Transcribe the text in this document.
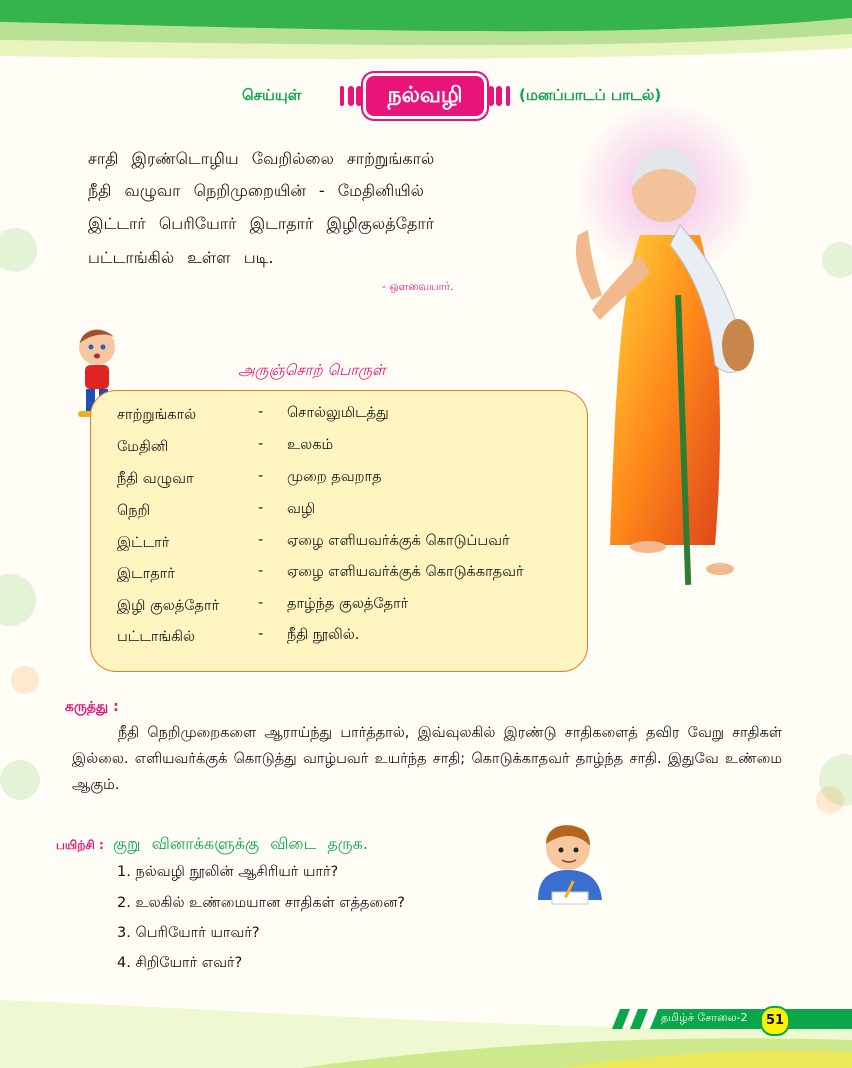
செய்யுள்	நல்வழி	(மனப்பாடப் பாடல்)
சாதி இரண்டொழிய வேறில்லை சாற்றுங்கால்
நீதி வழுவா நெறிமுறையின் - மேதினியில்
இட்டார் பெரியோர் இடாதார் இழிகுலத்தோர்
பட்டாங்கில் உள்ள படி.
- ஔவையார்.
அருஞ்சொற் பொருள்
சாற்றுங்கால்	- சொல்லுமிடத்து
மேதினி	- உலகம்
நீதி வழுவா	- முறை தவறாத
நெறி	- வழி
இட்டார்	- ஏழை எளியவர்க்குக் கொடுப்பவர்
இடாதார்	- ஏழை எளியவர்க்குக் கொடுக்காதவர்
இழி குலத்தோர்	- தாழ்ந்த குலத்தோர்
பட்டாங்கில்	- நீதி நூலில்.
கருத்து :
நீதி நெறிமுறைகளை ஆராய்ந்து பார்த்தால், இவ்வுலகில் இரண்டு சாதிகளைத் தவிர வேறு சாதிகள் இல்லை. எளியவர்க்குக் கொடுத்து வாழ்பவர் உயர்ந்த சாதி; கொடுக்காதவர் தாழ்ந்த சாதி. இதுவே உண்மை ஆகும்.
பயிற்சி : குறு வினாக்களுக்கு விடை தருக.
1. நல்வழி நூலின் ஆசிரியர் யார்?
2. உலகில் உண்மையான சாதிகள் எத்தனை?
3. பெரியோர் யாவர்?
4. சிறியோர் எவர்?
தமிழ்ச் சோலை-2	51
